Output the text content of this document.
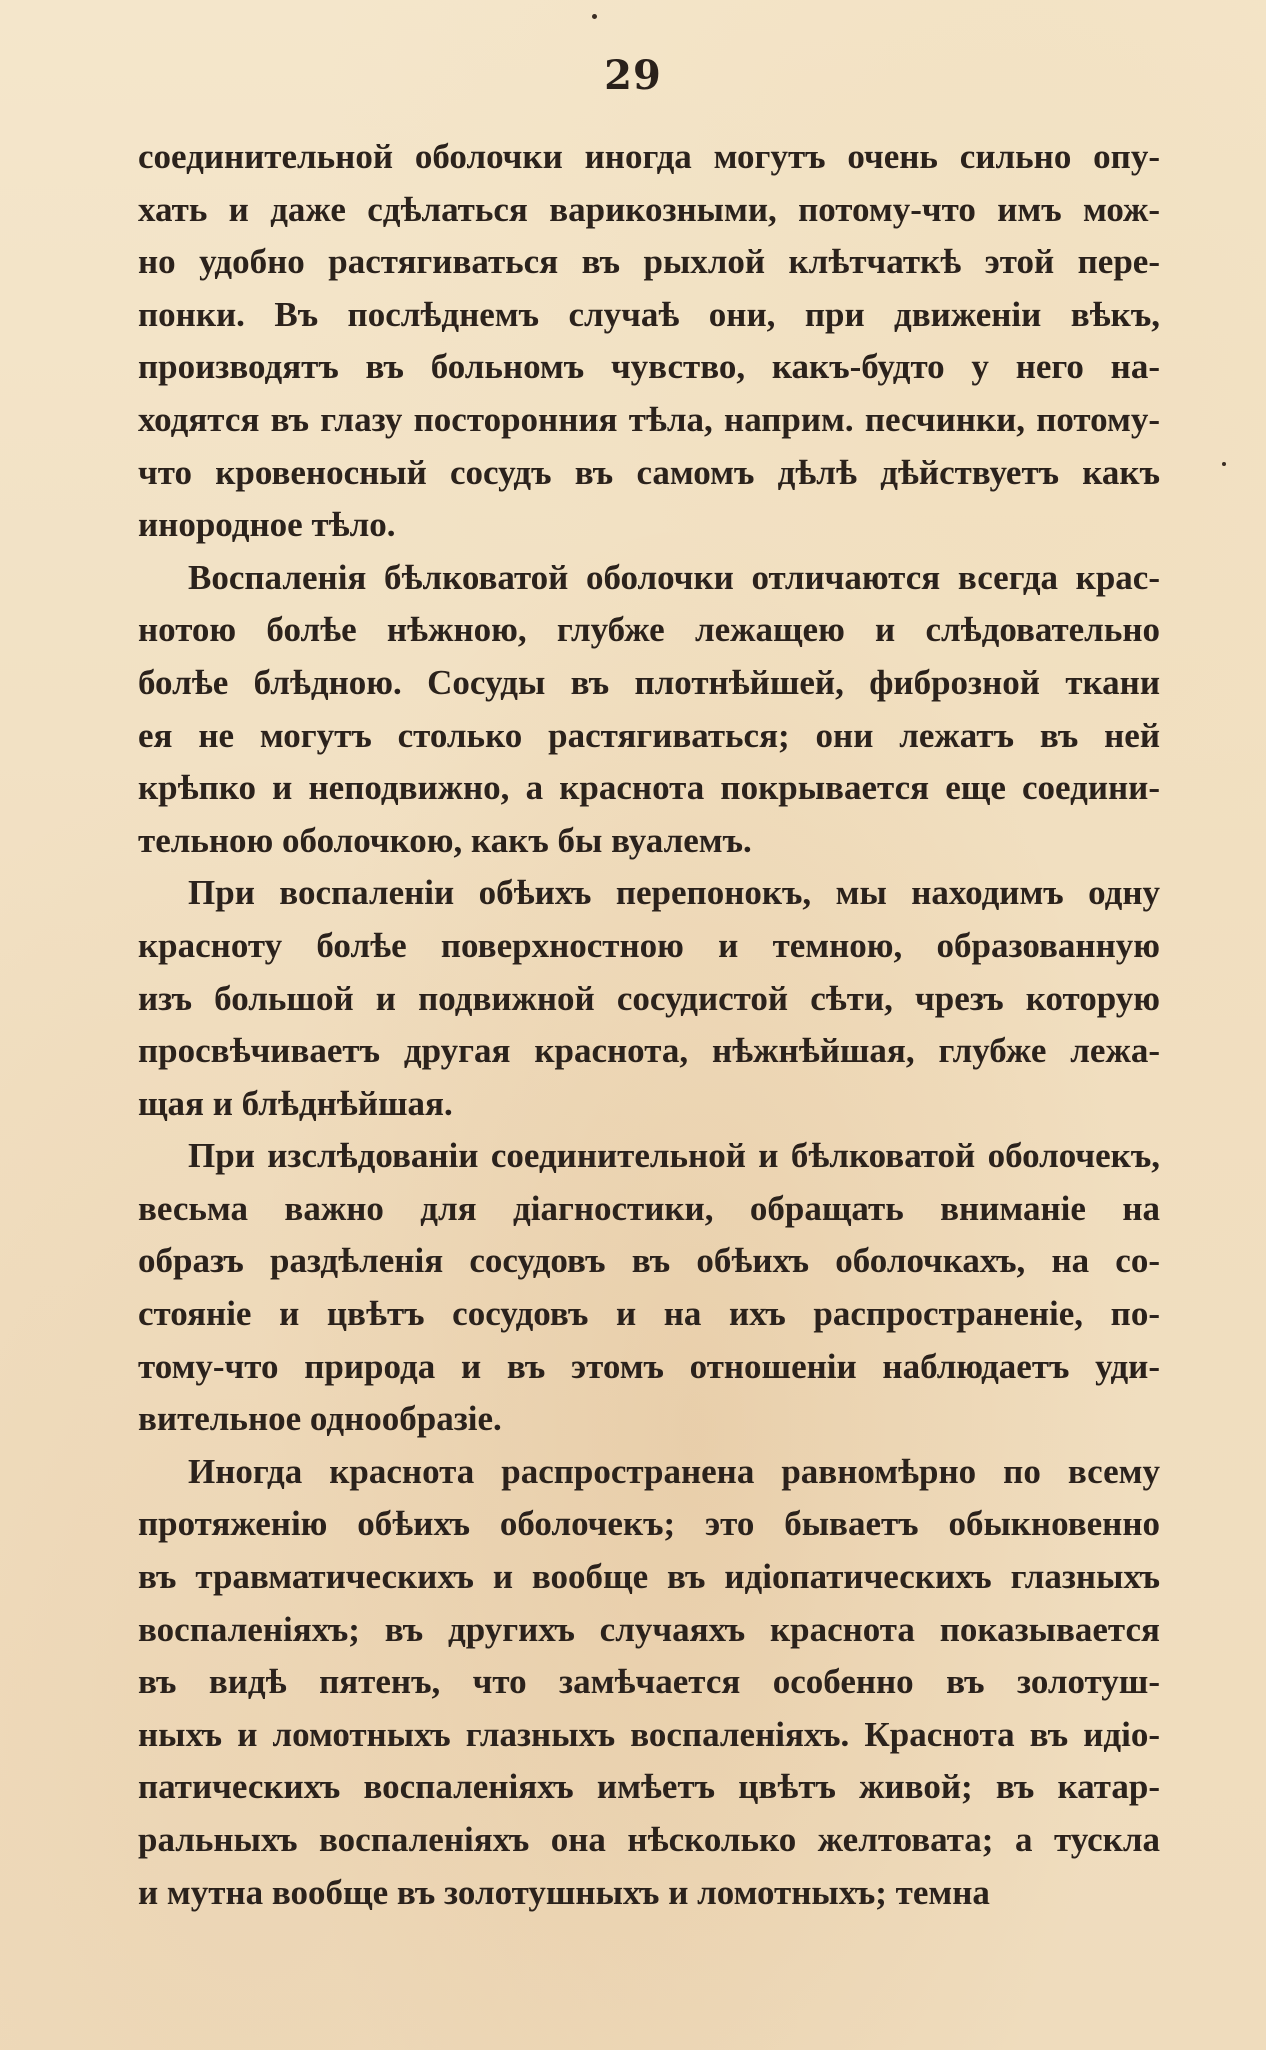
29
соединительной оболочки иногда могутъ очень сильно опу-
хать и даже сдѣлаться варикозными, потому-что имъ мож-
но удобно растягиваться въ рыхлой клѣтчаткѣ этой пере-
понки. Въ послѣднемъ случаѣ они, при движенiи вѣкъ,
производятъ въ больномъ чувство, какъ-будто у него на-
ходятся въ глазу посторонния тѣла, наприм. песчинки, потому-
что кровеносный сосудъ въ самомъ дѣлѣ дѣйствуетъ какъ
инородное тѣло.
Воспаленiя бѣлковатой оболочки отличаются всегда крас-
нотою болѣе нѣжною, глубже лежащею и слѣдовательно
болѣе блѣдною. Сосуды въ плотнѣйшей, фиброзной ткани
ея не могутъ столько растягиваться; они лежатъ въ ней
крѣпко и неподвижно, а краснота покрывается еще соедини-
тельною оболочкою, какъ бы вуалемъ.
При воспаленiи обѣихъ перепонокъ, мы находимъ одну
красноту болѣе поверхностною и темною, образованную
изъ большой и подвижной сосудистой сѣти, чрезъ которую
просвѣчиваетъ другая краснота, нѣжнѣйшая, глубже лежа-
щая и блѣднѣйшая.
При изслѣдованiи соединительной и бѣлковатой оболочекъ,
весьма важно для дiагностики, обращать вниманiе на
образъ раздѣленiя сосудовъ въ обѣихъ оболочкахъ, на со-
стоянiе и цвѣтъ сосудовъ и на ихъ распространенiе, по-
тому-что природа и въ этомъ отношенiи наблюдаетъ уди-
вительное однообразiе.
Иногда краснота распространена равномѣрно по всему
протяженiю обѣихъ оболочекъ; это бываетъ обыкновенно
въ травматическихъ и вообще въ идiопатическихъ глазныхъ
воспаленiяхъ; въ другихъ случаяхъ краснота показывается
въ видѣ пятенъ, что замѣчается особенно въ золотуш-
ныхъ и ломотныхъ глазныхъ воспаленiяхъ. Краснота въ идiо-
патическихъ воспаленiяхъ имѣетъ цвѣтъ живой; въ катар-
ральныхъ воспаленiяхъ она нѣсколько желтовата; а тускла
и мутна вообще въ золотушныхъ и ломотныхъ; темна
